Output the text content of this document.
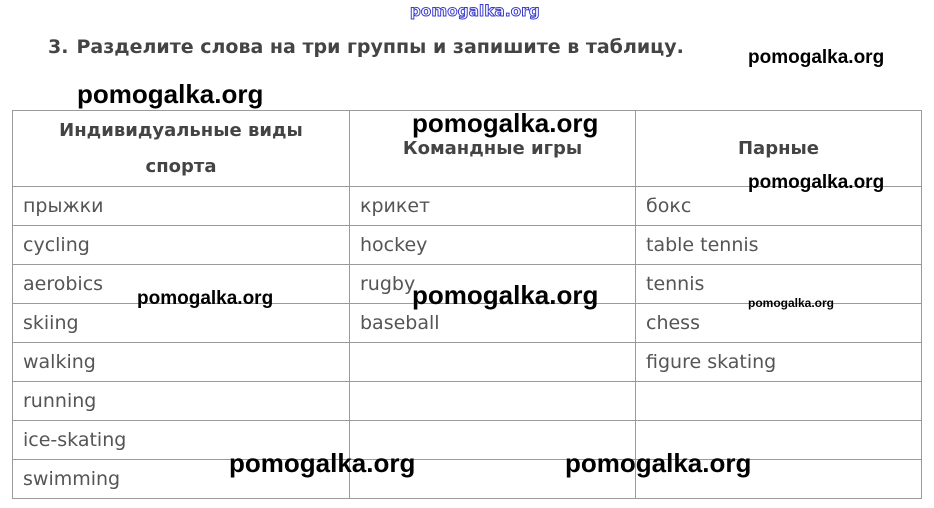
pomogalka.org
3. Разделите слова на три группы и запишите в таблицу.
Индивидуальные виды спорта	Командные игры	Парные
прыжки	крикет	бокс
cycling	hockey	table tennis
aerobics	rugby	tennis
skiing	baseball	chess
walking		figure skating
running		
ice-skating		
swimming		
pomogalka.org
pomogalka.org
pomogalka.org
pomogalka.org
pomogalka.org	pomogalka.org	pomogalka.org
pomogalka.org	pomogalka.org
